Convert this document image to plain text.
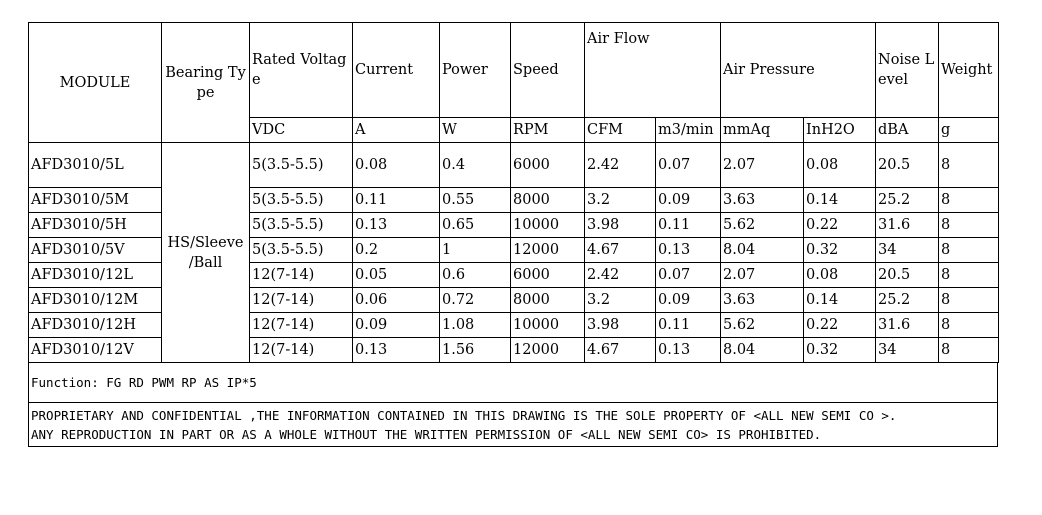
MODULE	Bearing Type	Rated Voltage	Current	Power	Speed	Air Flow		Air Pressure		Noise Level	Weight
		VDC	A	W	RPM	CFM	m3/min	mmAq	InH2O	dBA	g
AFD3010/5L	HS/Sleeve /Ball	5(3.5-5.5)	0.08	0.4	6000	2.42	0.07	2.07	0.08	20.5	8
AFD3010/5M		5(3.5-5.5)	0.11	0.55	8000	3.2	0.09	3.63	0.14	25.2	8
AFD3010/5H		5(3.5-5.5)	0.13	0.65	10000	3.98	0.11	5.62	0.22	31.6	8
AFD3010/5V		5(3.5-5.5)	0.2	1	12000	4.67	0.13	8.04	0.32	34	8
AFD3010/12L		12(7-14)	0.05	0.6	6000	2.42	0.07	2.07	0.08	20.5	8
AFD3010/12M		12(7-14)	0.06	0.72	8000	3.2	0.09	3.63	0.14	25.2	8
AFD3010/12H		12(7-14)	0.09	1.08	10000	3.98	0.11	5.62	0.22	31.6	8
AFD3010/12V		12(7-14)	0.13	1.56	12000	4.67	0.13	8.04	0.32	34	8
Function: FG RD PWM RP AS IP*5
PROPRIETARY AND CONFIDENTIAL ,THE INFORMATION CONTAINED IN THIS DRAWING IS THE SOLE PROPERTY OF <ALL NEW SEMI CO >.
ANY REPRODUCTION IN PART OR AS A WHOLE WITHOUT THE WRITTEN PERMISSION OF <ALL NEW SEMI CO> IS PROHIBITED.
